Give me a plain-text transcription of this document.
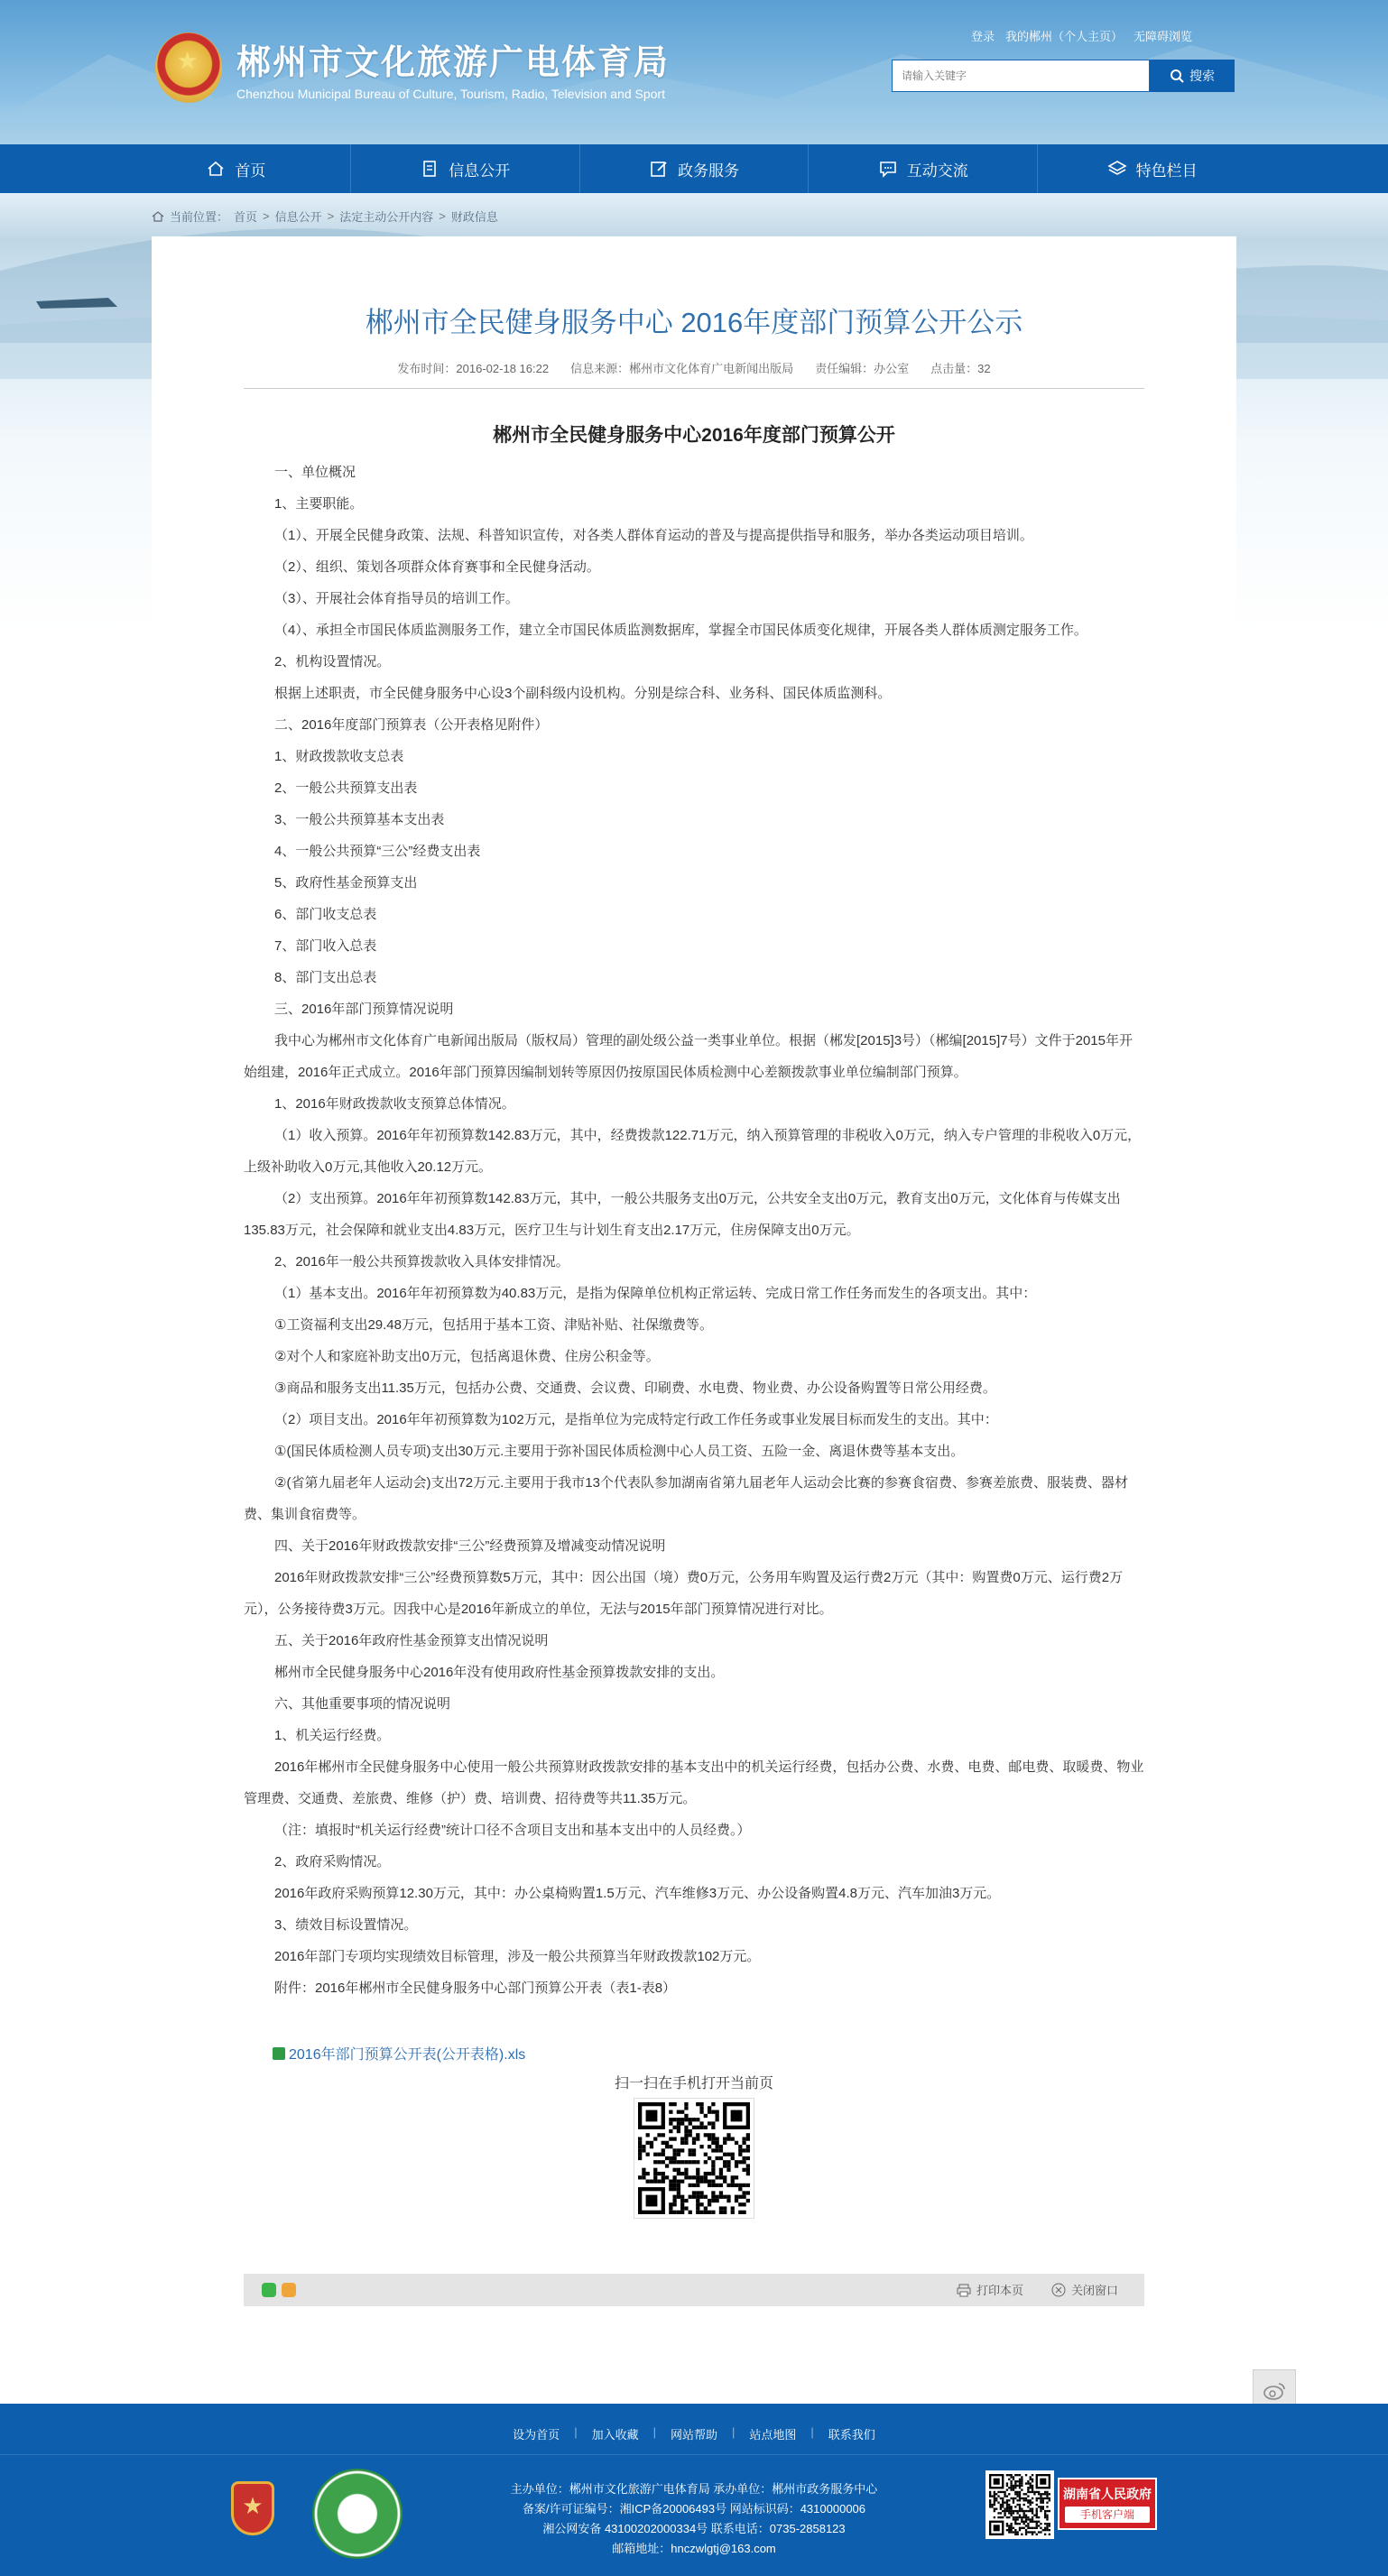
★ 郴州市文化旅游广电体育局
Chenzhou Municipal Bureau of Culture, Tourism, Radio, Television and Sport
登录 我的郴州（个人主页） 无障碍浏览
请输入关键字
搜索
首页	信息公开	政务服务	互动交流	特色栏目
当前位置： 首页 > 信息公开 > 法定主动公开内容 > 财政信息
郴州市全民健身服务中心 2016年度部门预算公开公示
发布时间：2016-02-18 16:22 信息来源：郴州市文化体育广电新闻出版局 责任编辑：办公室 点击量：32
郴州市全民健身服务中心2016年度部门预算公开

一、单位概况

1、主要职能。

（1）、开展全民健身政策、法规、科普知识宣传，对各类人群体育运动的普及与提高提供指导和服务，举办各类运动项目培训。

（2）、组织、策划各项群众体育赛事和全民健身活动。

（3）、开展社会体育指导员的培训工作。

（4）、承担全市国民体质监测服务工作，建立全市国民体质监测数据库，掌握全市国民体质变化规律，开展各类人群体质测定服务工作。

2、机构设置情况。

根据上述职责，市全民健身服务中心设3个副科级内设机构。分别是综合科、业务科、国民体质监测科。

二、2016年度部门预算表（公开表格见附件）

1、财政拨款收支总表

2、一般公共预算支出表

3、一般公共预算基本支出表

4、一般公共预算“三公”经费支出表

5、政府性基金预算支出

6、部门收支总表

7、部门收入总表

8、部门支出总表

三、2016年部门预算情况说明

我中心为郴州市文化体育广电新闻出版局（版权局）管理的副处级公益一类事业单位。根据（郴发[2015]3号）（郴编[2015]7号）文件于2015年开始组建，2016年正式成立。2016年部门预算因编制划转等原因仍按原国民体质检测中心差额拨款事业单位编制部门预算。

1、2016年财政拨款收支预算总体情况。

（1）收入预算。2016年年初预算数142.83万元，其中，经费拨款122.71万元，纳入预算管理的非税收入0万元，纳入专户管理的非税收入0万元，上级补助收入0万元,其他收入20.12万元。

（2）支出预算。2016年年初预算数142.83万元，其中，一般公共服务支出0万元，公共安全支出0万元，教育支出0万元，文化体育与传媒支出135.83万元，社会保障和就业支出4.83万元，医疗卫生与计划生育支出2.17万元，住房保障支出0万元。

2、2016年一般公共预算拨款收入具体安排情况。

（1）基本支出。2016年年初预算数为40.83万元，是指为保障单位机构正常运转、完成日常工作任务而发生的各项支出。其中：

①工资福利支出29.48万元，包括用于基本工资、津贴补贴、社保缴费等。

②对个人和家庭补助支出0万元，包括离退休费、住房公积金等。

③商品和服务支出11.35万元，包括办公费、交通费、会议费、印刷费、水电费、物业费、办公设备购置等日常公用经费。

（2）项目支出。2016年年初预算数为102万元，是指单位为完成特定行政工作任务或事业发展目标而发生的支出。其中：

①(国民体质检测人员专项)支出30万元.主要用于弥补国民体质检测中心人员工资、五险一金、离退休费等基本支出。

②(省第九届老年人运动会)支出72万元.主要用于我市13个代表队参加湖南省第九届老年人运动会比赛的参赛食宿费、参赛差旅费、服装费、器材费、集训食宿费等。

四、关于2016年财政拨款安排“三公”经费预算及增减变动情况说明

2016年财政拨款安排“三公”经费预算数5万元，其中：因公出国（境）费0万元，公务用车购置及运行费2万元（其中：购置费0万元、运行费2万元），公务接待费3万元。因我中心是2016年新成立的单位，无法与2015年部门预算情况进行对比。

五、关于2016年政府性基金预算支出情况说明

郴州市全民健身服务中心2016年没有使用政府性基金预算拨款安排的支出。

六、其他重要事项的情况说明

1、机关运行经费。

2016年郴州市全民健身服务中心使用一般公共预算财政拨款安排的基本支出中的机关运行经费，包括办公费、水费、电费、邮电费、取暖费、物业管理费、交通费、差旅费、维修（护）费、培训费、招待费等共11.35万元。

（注：填报时“机关运行经费”统计口径不含项目支出和基本支出中的人员经费。）

2、政府采购情况。

2016年政府采购预算12.30万元，其中：办公桌椅购置1.5万元、汽车维修3万元、办公设备购置4.8万元、汽车加油3万元。

3、绩效目标设置情况。

2016年部门专项均实现绩效目标管理，涉及一般公共预算当年财政拨款102万元。

附件：2016年郴州市全民健身服务中心部门预算公开表（表1-表8）

2016年部门预算公开表(公开表格).xls
扫一扫在手机打开当前页
打印本页	关闭窗口
设为首页 | 加入收藏 | 网站帮助 | 站点地图 | 联系我们
★
主办单位：郴州市文化旅游广电体育局 承办单位：郴州市政务服务中心
备案/许可证编号：湘ICP备20006493号 网站标识码：4310000006
湘公网安备 43100202000334号 联系电话：0735-2858123
邮箱地址：hnczwlgtj@163.com
湖南省人民政府
手机客户端
